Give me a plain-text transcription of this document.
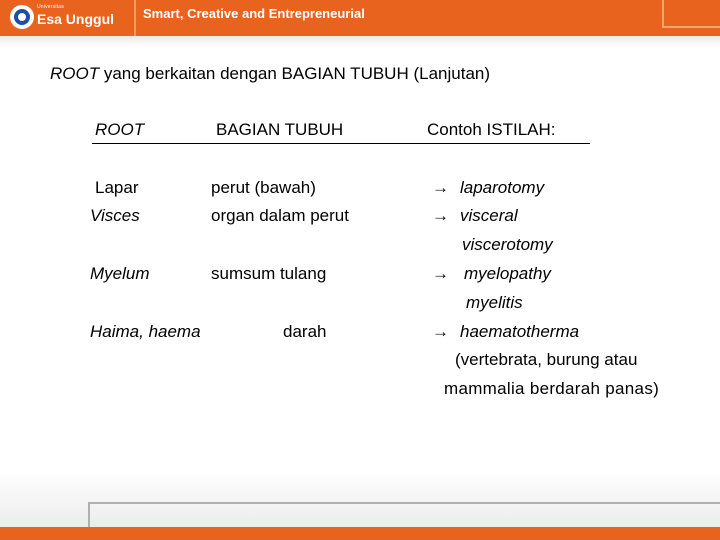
Universitas
Esa Unggul Smart, Creative and Entrepreneurial
ROOT yang berkaitan dengan BAGIAN TUBUH (Lanjutan)
ROOT	BAGIAN TUBUH	Contoh ISTILAH:
Lapar
Visces
Myelum
Haima, haema
perut (bawah)
organ dalam perut
sumsum tulang
darah
→ laparotomy
→ visceral
viscerotomy
→ myelopathy
myelitis
→ haematotherma
(vertebrata, burung atau
mammalia berdarah panas)
